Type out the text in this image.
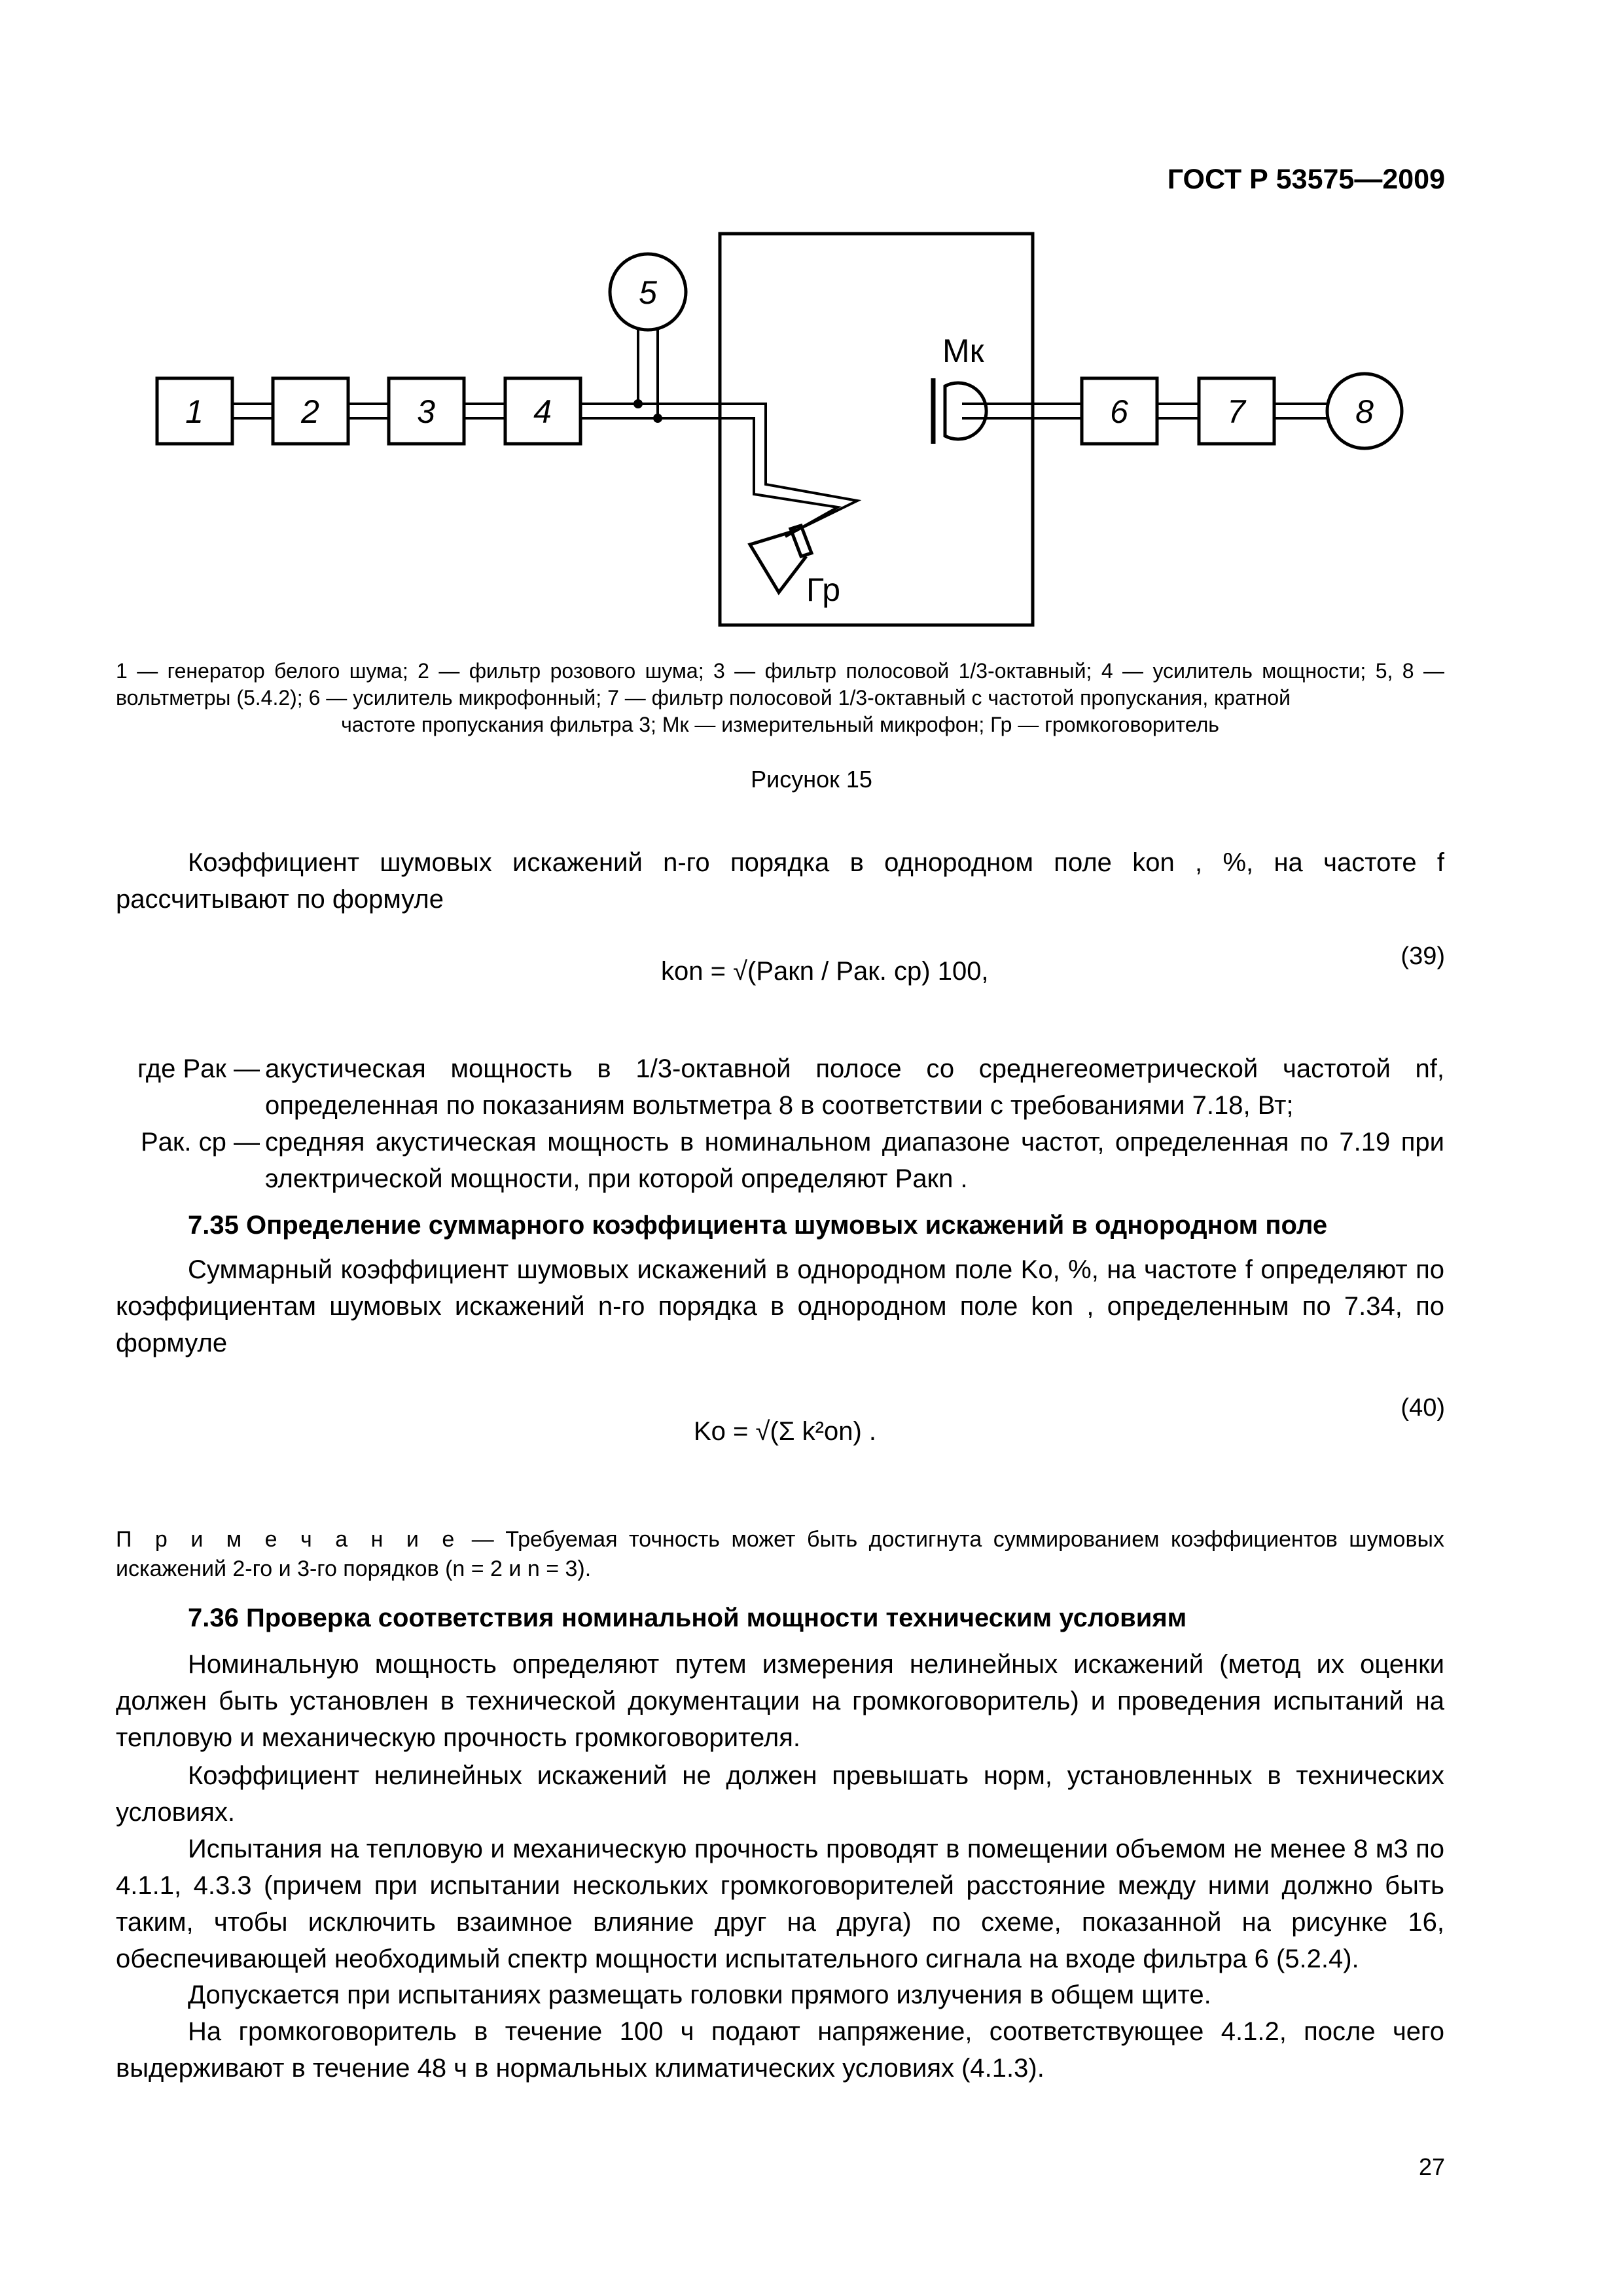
ГОСТ Р 53575—2009
1	2	3	4	6	7
5
8
Мк
Гр
1 — генератор белого шума; 2 — фильтр розового шума; 3 — фильтр полосовой 1/3-октавный; 4 — усилитель мощности; 5, 8 — вольтметры (5.4.2); 6 — усилитель микрофонный; 7 — фильтр полосовой 1/3-октавный с частотой пропускания, кратной
частоте пропускания фильтра 3; Мк — измерительный микрофон; Гр — громкоговоритель
Рисунок 15
Коэффициент шумовых искажений n-го порядка в однородном поле kоn , %, на частоте f рассчитывают по формуле
kоn = √(Pакn / Pак. ср) 100,
(39)
где Pак — акустическая мощность в 1/3-октавной полосе со среднегеометрической частотой nf, определенная по показаниям вольтметра 8 в соответствии с требованиями 7.18, Вт;
Pак. ср — средняя акустическая мощность в номинальном диапазоне частот, определенная по 7.19 при электрической мощности, при которой определяют Pакn .
7.35 Определение суммарного коэффициента шумовых искажений в однородном поле
Суммарный коэффициент шумовых искажений в однородном поле Kо, %, на частоте f определяют по коэффициентам шумовых искажений n-го порядка в однородном поле kоn , определенным по 7.34, по формуле
Kо = √(Σ k²оn) .
(40)
П р и м е ч а н и е — Требуемая точность может быть достигнута суммированием коэффициентов шумовых искажений 2-го и 3-го порядков (n = 2 и n = 3).
7.36 Проверка соответствия номинальной мощности техническим условиям
Номинальную мощность определяют путем измерения нелинейных искажений (метод их оценки должен быть установлен в технической документации на громкоговоритель) и проведения испытаний на тепловую и механическую прочность громкоговорителя.
Коэффициент нелинейных искажений не должен превышать норм, установленных в технических условиях.
Испытания на тепловую и механическую прочность проводят в помещении объемом не менее 8 м3 по 4.1.1, 4.3.3 (причем при испытании нескольких громкоговорителей расстояние между ними должно быть таким, чтобы исключить взаимное влияние друг на друга) по схеме, показанной на рисунке 16, обеспечивающей необходимый спектр мощности испытательного сигнала на входе фильтра 6 (5.2.4).
Допускается при испытаниях размещать головки прямого излучения в общем щите.
На громкоговоритель в течение 100 ч подают напряжение, соответствующее 4.1.2, после чего выдерживают в течение 48 ч в нормальных климатических условиях (4.1.3).
27
